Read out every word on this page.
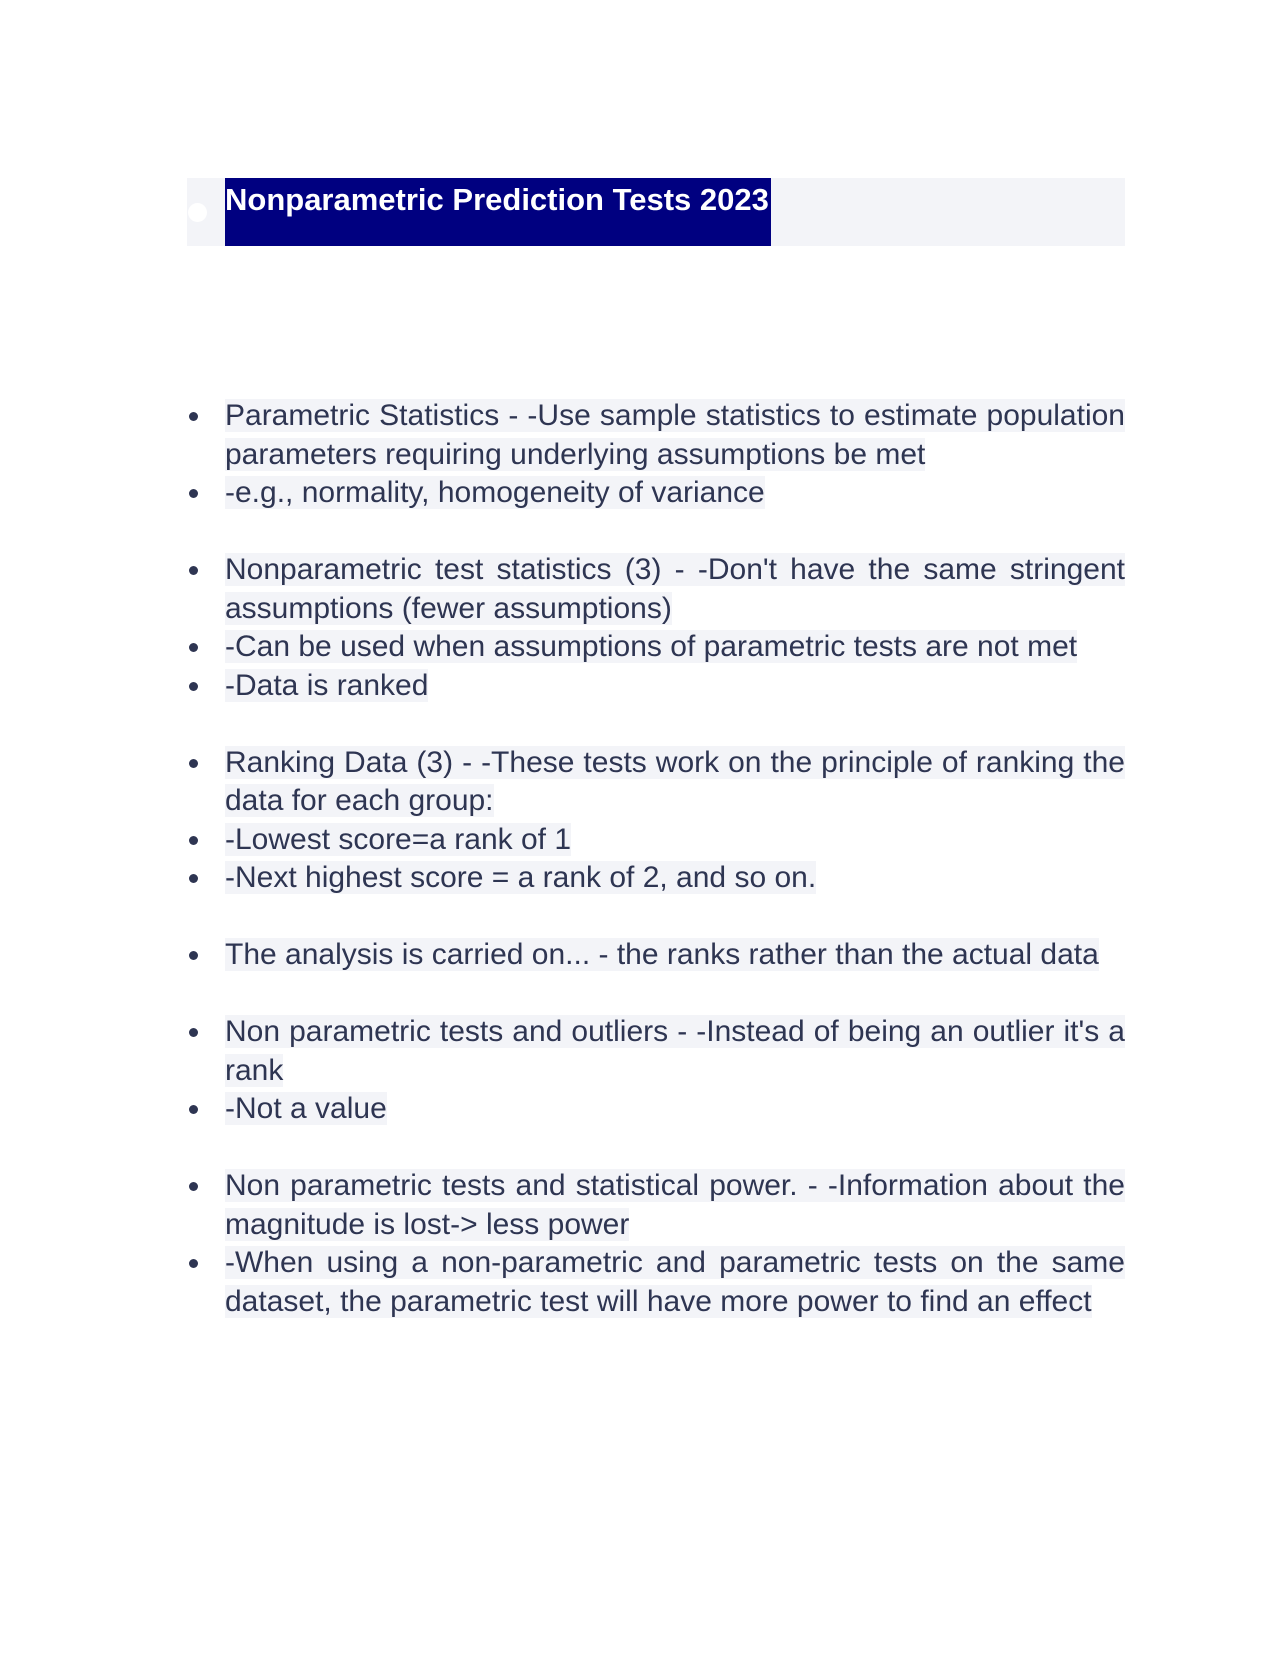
Nonparametric Prediction Tests 2023
Parametric Statistics - -Use sample statistics to estimate population parameters requiring underlying assumptions be met
-e.g., normality, homogeneity of variance
Nonparametric test statistics (3) - -Don't have the same stringent assumptions (fewer assumptions)
-Can be used when assumptions of parametric tests are not met
-Data is ranked
Ranking Data (3) - -These tests work on the principle of ranking the data for each group:
-Lowest score=a rank of 1
-Next highest score = a rank of 2, and so on.
The analysis is carried on... - the ranks rather than the actual data
Non parametric tests and outliers - -Instead of being an outlier it's a rank
-Not a value
Non parametric tests and statistical power. - -Information about the magnitude is lost-> less power
-When using a non-parametric and parametric tests on the same dataset, the parametric test will have more power to find an effect
